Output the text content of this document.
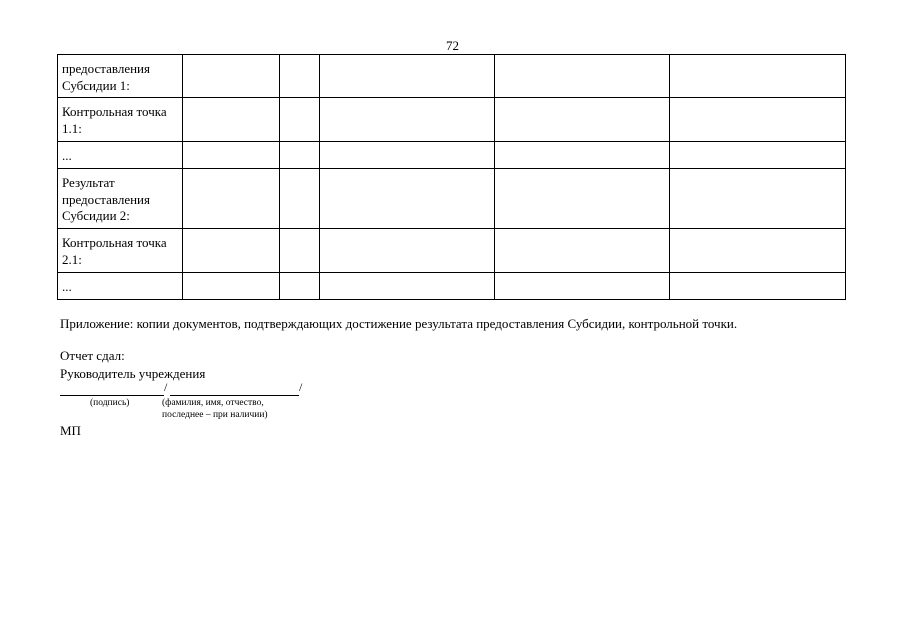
72
предоставления
Субсидии 1:					

Контрольная точка
1.1:					

...					

Результат
предоставления
Субсидии 2:					

Контрольная точка
2.1:					

...					

Приложение: копии документов, подтверждающих достижение результата предоставления Субсидии, контрольной точки.
Отчет сдал:
Руководитель учреждения
/	/
(подпись)	(фамилия, имя, отчество,
последнее – при наличии)
МП
